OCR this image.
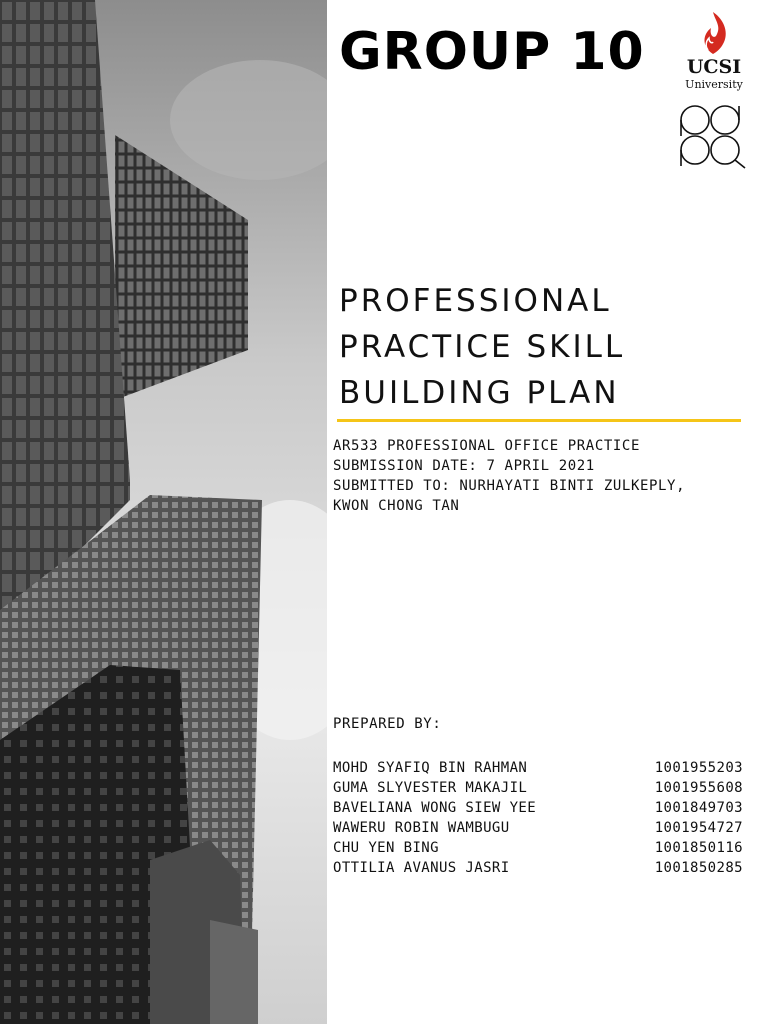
GROUP 10	UCSI
University
PROFESSIONAL
PRACTICE SKILL
BUILDING PLAN
AR533 PROFESSIONAL OFFICE PRACTICE
SUBMISSION DATE: 7 APRIL 2021
SUBMITTED TO: NURHAYATI BINTI ZULKEPLY,
KWON CHONG TAN
PREPARED BY:
MOHD SYAFIQ BIN RAHMAN	1001955203
GUMA SLYVESTER MAKAJIL	1001955608
BAVELIANA WONG SIEW YEE	1001849703
WAWERU ROBIN WAMBUGU	1001954727
CHU YEN BING	1001850116
OTTILIA AVANUS JASRI	1001850285
